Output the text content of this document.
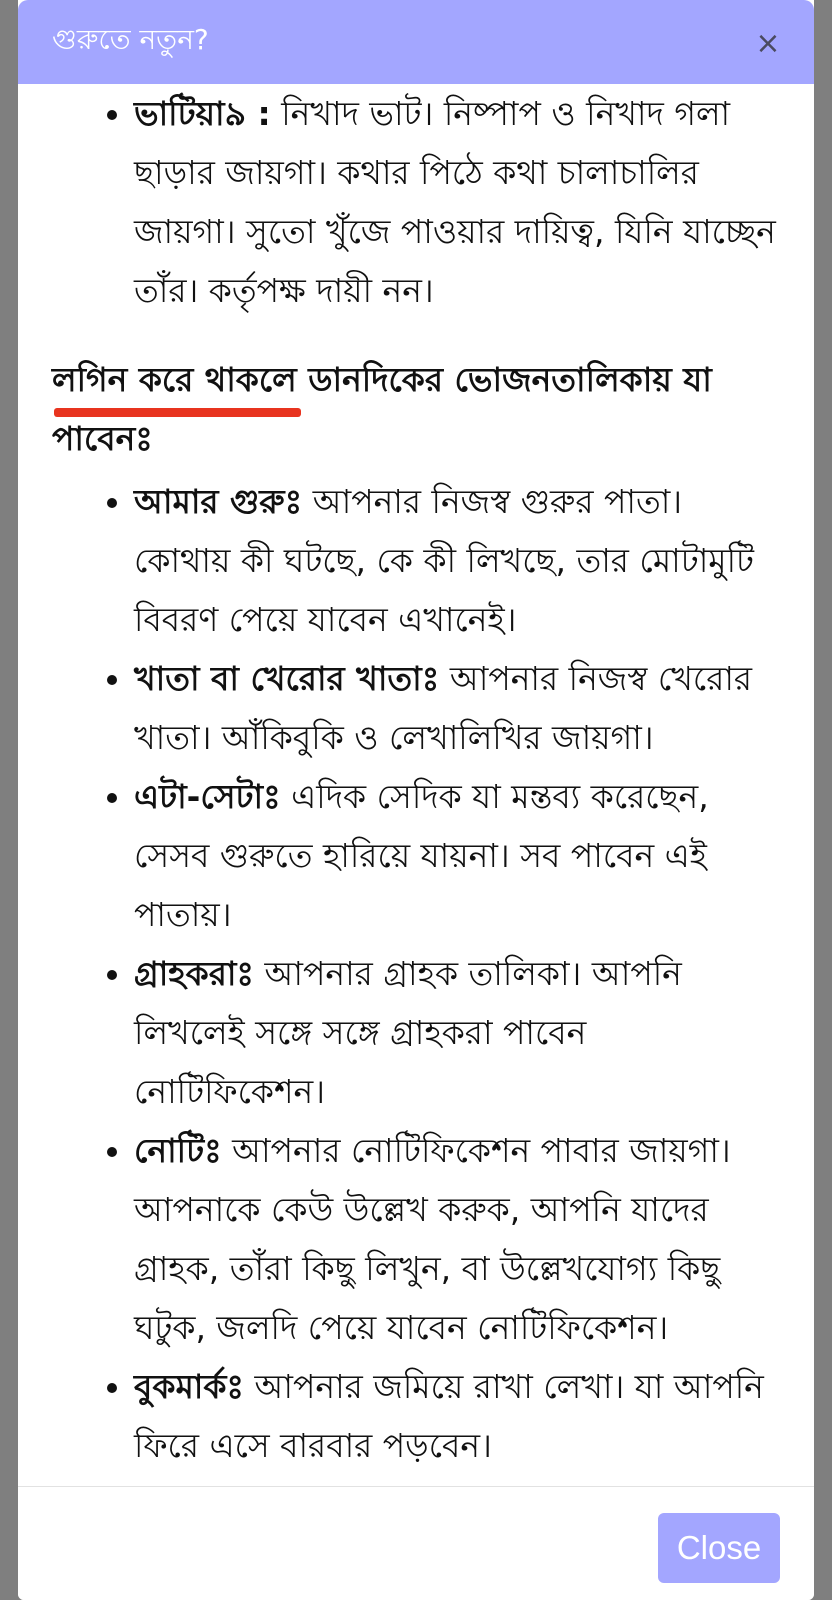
গুরুতে নতুন?	×
• ভাটিয়া৯ : নিখাদ ভাট। নিষ্পাপ ও নিখাদ গলা ছাড়ার জায়গা। কথার পিঠে কথা চালাচালির জায়গা। সুতো খুঁজে পাওয়ার দায়িত্ব, যিনি যাচ্ছেন তাঁর। কর্তৃপক্ষ দায়ী নন।
লগিন করে থাকলে ডানদিকের ভোজনতালিকায় যা পাবেনঃ
• আমার গুরুঃ আপনার নিজস্ব গুরুর পাতা। কোথায় কী ঘটছে, কে কী লিখছে, তার মোটামুটি বিবরণ পেয়ে যাবেন এখানেই।
• খাতা বা খেরোর খাতাঃ আপনার নিজস্ব খেরোর খাতা। আঁকিবুকি ও লেখালিখির জায়গা।
• এটা-সেটাঃ এদিক সেদিক যা মন্তব্য করেছেন, সেসব গুরুতে হারিয়ে যায়না। সব পাবেন এই পাতায়।
• গ্রাহকরাঃ আপনার গ্রাহক তালিকা। আপনি লিখলেই সঙ্গে সঙ্গে গ্রাহকরা পাবেন নোটিফিকেশন।
• নোটিঃ আপনার নোটিফিকেশন পাবার জায়গা। আপনাকে কেউ উল্লেখ করুক, আপনি যাদের গ্রাহক, তাঁরা কিছু লিখুন, বা উল্লেখযোগ্য কিছু ঘটুক, জলদি পেয়ে যাবেন নোটিফিকেশন।
• বুকমার্কঃ আপনার জমিয়ে রাখা লেখা। যা আপনি ফিরে এসে বারবার পড়বেন।
Close
